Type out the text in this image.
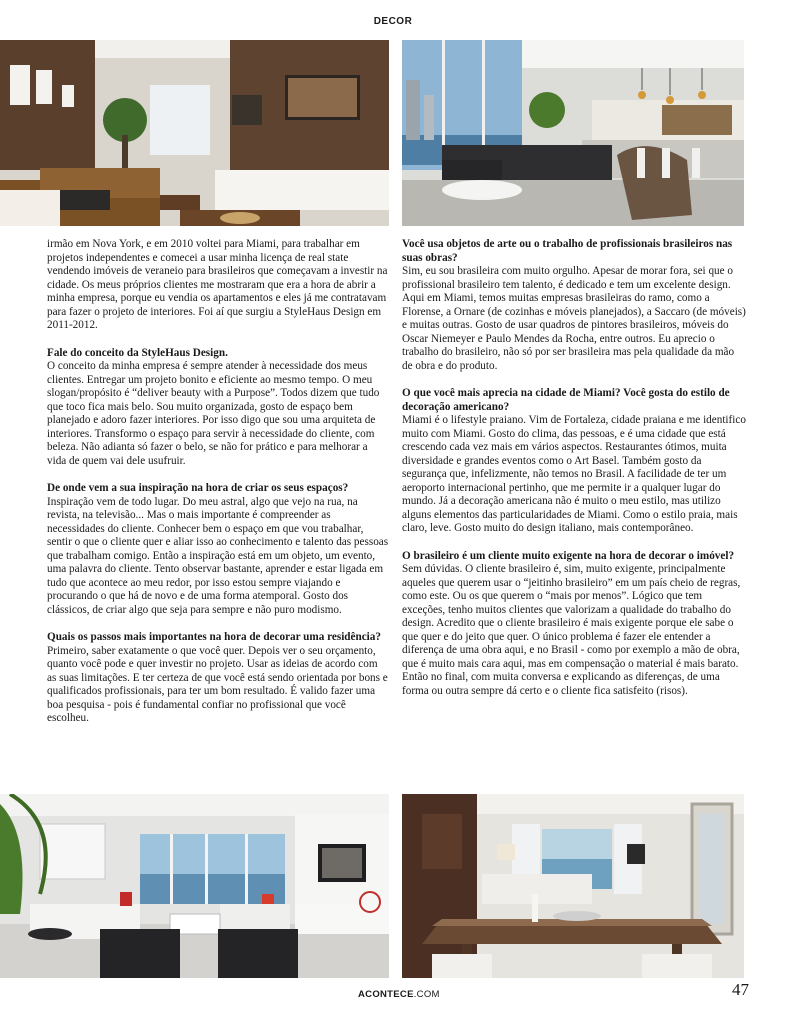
DECOR

irmão em Nova York, e em 2010 voltei para Miami, para trabalhar em projetos independentes e comecei a usar minha licença de real state vendendo imóveis de veraneio para brasileiros que começavam a investir na cidade. Os meus próprios clientes me mostraram que era a hora de abrir a minha empresa, porque eu vendia os apartamentos e eles já me contratavam para fazer o projeto de interiores. Foi aí que surgiu a StyleHaus Design em 2011-2012.

Fale do conceito da StyleHaus Design.

O conceito da minha empresa é sempre atender à necessidade dos meus clientes. Entregar um projeto bonito e eficiente ao mesmo tempo. O meu slogan/propósito é “deliver beauty with a Purpose”. Todos dizem que tudo que toco fica mais belo. Sou muito organizada, gosto de espaço bem planejado e adoro fazer interiores. Por isso digo que sou uma arquiteta de interiores. Transformo o espaço para servir à necessidade do cliente, com beleza. Não adianta só fazer o belo, se não for prático e para melhorar a vida de quem vai dele usufruir.

De onde vem a sua inspiração na hora de criar os seus espaços?

Inspiração vem de todo lugar. Do meu astral, algo que vejo na rua, na revista, na televisão... Mas o mais importante é compreender as necessidades do cliente. Conhecer bem o espaço em que vou trabalhar, sentir o que o cliente quer e aliar isso ao conhecimento e talento das pessoas que trabalham comigo. Então a inspiração está em um objeto, um evento, uma palavra do cliente. Tento observar bastante, aprender e estar ligada em tudo que acontece ao meu redor, por isso estou sempre viajando e procurando o que há de novo e de uma forma atemporal. Gosto dos clássicos, de criar algo que seja para sempre e não puro modismo.

Quais os passos mais importantes na hora de decorar uma residência?

Primeiro, saber exatamente o que você quer. Depois ver o seu orçamento, quanto você pode e quer investir no projeto. Usar as ideias de acordo com as suas limitações. E ter certeza de que você está sendo orientada por bons e qualificados profissionais, para ter um bom resultado. É valido fazer uma boa pesquisa - pois é fundamental confiar no profissional que você escolheu.

Você usa objetos de arte ou o trabalho de profissionais brasileiros nas suas obras?

Sim, eu sou brasileira com muito orgulho. Apesar de morar fora, sei que o profissional brasileiro tem talento, é dedicado e tem um excelente design. Aqui em Miami, temos muitas empresas brasileiras do ramo, como a Florense, a Ornare (de cozinhas e móveis planejados), a Saccaro (de móveis) e muitas outras. Gosto de usar quadros de pintores brasileiros, móveis do Oscar Niemeyer e Paulo Mendes da Rocha, entre outros. Eu aprecio o trabalho do brasileiro, não só por ser brasileira mas pela qualidade da mão de obra e do produto.

O que você mais aprecia na cidade de Miami? Você gosta do estilo de decoração americano?

Miami é o lifestyle praiano. Vim de Fortaleza, cidade praiana e me identifico muito com Miami. Gosto do clima, das pessoas, e é uma cidade que está crescendo cada vez mais em vários aspectos. Restaurantes ótimos, muita diversidade e grandes eventos como o Art Basel. Também gosto da segurança que, infelizmente, não temos no Brasil. A facilidade de ter um aeroporto internacional pertinho, que me permite ir a qualquer lugar do mundo. Já a decoração americana não é muito o meu estilo, mas utilizo alguns elementos das particularidades de Miami. Como o estilo praia, mais claro, leve. Gosto muito do design italiano, mais contemporâneo.

O brasileiro é um cliente muito exigente na hora de decorar o imóvel?

Sem dúvidas. O cliente brasileiro é, sim, muito exigente, principalmente aqueles que querem usar o “jeitinho brasileiro” em um país cheio de regras, como este. Ou os que querem o “mais por menos”. Lógico que tem exceções, tenho muitos clientes que valorizam a qualidade do trabalho do design. Acredito que o cliente brasileiro é mais exigente porque ele sabe o que quer e do jeito que quer. O único problema é fazer ele entender a diferença de uma obra aqui, e no Brasil - como por exemplo a mão de obra, que é muito mais cara aqui, mas em compensação o material é mais barato. Então no final, com muita conversa e explicando as diferenças, de uma forma ou outra sempre dá certo e o cliente fica satisfeito (risos).

ACONTECE.COM	47
